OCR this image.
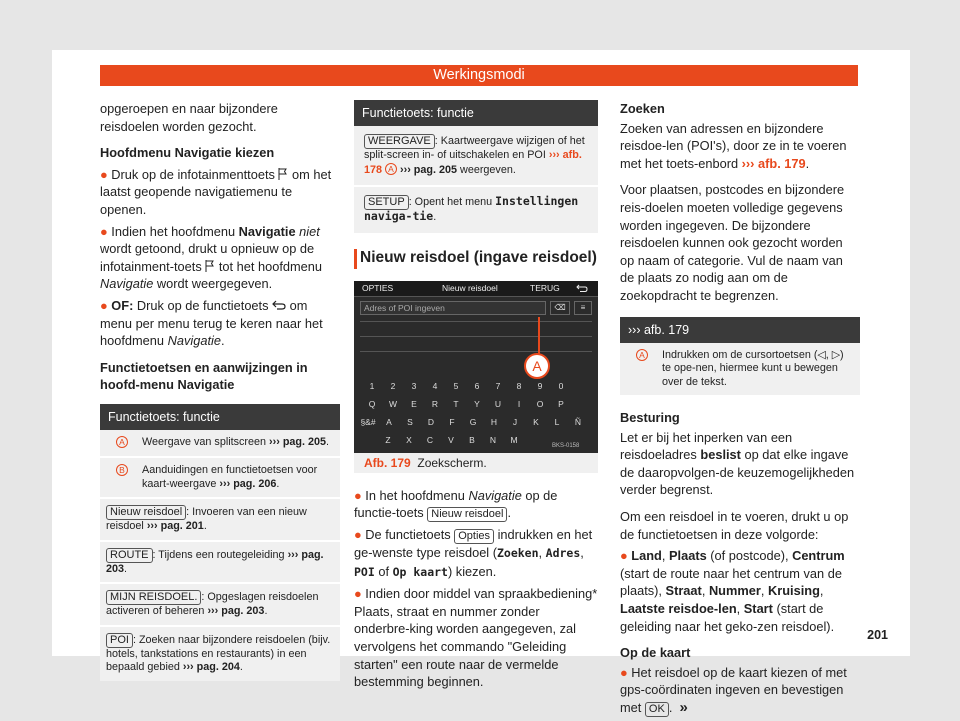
Werkingsmodi

opgeroepen en naar bijzondere reisdoelen worden gezocht.

Hoofdmenu Navigatie kiezen

● Druk op de infotainmenttoets om het laatst geopende navigatiemenu te openen.

● Indien het hoofdmenu Navigatie niet wordt getoond, drukt u opnieuw op de infotainment-toets tot het hoofdmenu Navigatie wordt weergegeven.

● OF: Druk op de functietoets om menu per menu terug te keren naar het hoofdmenu Navigatie.

Functietoetsen en aanwijzingen in hoofd-menu Navigatie

Functietoets: functie
A	Weergave van splitscreen ››› pag. 205.
B	Aanduidingen en functietoetsen voor kaart-weergave ››› pag. 206.
Nieuw reisdoel : Invoeren van een nieuw reisdoel ››› pag. 201.
ROUTE : Tijdens een routegeleiding ››› pag. 203.
MIJN REISDOEL. : Opgeslagen reisdoelen activeren of beheren ››› pag. 203.
POI : Zoeken naar bijzondere reisdoelen (bijv. hotels, tankstations en restaurants) in een bepaald gebied ››› pag. 204.
Functietoets: functie
WEERGAVE : Kaartweergave wijzigen of het split-screen in- of uitschakelen en POI ››› afb. 178 A ››› pag. 205 weergeven.
SETUP : Opent het menu Instellingen naviga-tie.

Nieuw reisdoel (ingave reisdoel)

OPTIES	Nieuw reisdoel	TERUG
Adres of POI ingeven	⌫	≡
A
1	2	3	4	5	6	7	8	9	0
Q	W	E	R	T	Y	U	I	O	P
§&#	A	S	D	F	G	H	J	K	L	Ñ
Z	X	C	V	B	N	M
BKS-0158
Afb. 179 Zoekscherm.

● In het hoofdmenu Navigatie op de functie-toets Nieuw reisdoel .

● De functietoets Opties indrukken en het ge-wenste type reisdoel (Zoeken, Adres, POI of Op kaart) kiezen.

● Indien door middel van spraakbediening* Plaats, straat en nummer zonder onderbre-king worden aangegeven, zal vervolgens het commando "Geleiding starten" een route naar de vermelde bestemming beginnen.

Zoeken

Zoeken van adressen en bijzondere reisdoe-len (POI's), door ze in te voeren met het toets-enbord ››› afb. 179.

Voor plaatsen, postcodes en bijzondere reis-doelen moeten volledige gegevens worden ingegeven. De bijzondere reisdoelen kunnen ook gezocht worden op naam of categorie. Vul de naam van de plaats zo nodig aan om de zoekopdracht te begrenzen.

››› afb. 179
A	Indrukken om de cursortoetsen (◁, ▷) te ope-nen, hiermee kunt u bewegen over de tekst.

Besturing

Let er bij het inperken van een reisdoeladres beslist op dat elke ingave de daaropvolgen-de keuzemogelijkheden verder begrenst.

Om een reisdoel in te voeren, drukt u op de functietoetsen in deze volgorde:

● Land, Plaats (of postcode), Centrum (start de route naar het centrum van de plaats), Straat, Nummer, Kruising, Laatste reisdoe-len, Start (start de geleiding naar het geko-zen reisdoel).

Op de kaart

● Het reisdoel op de kaart kiezen of met gps-coördinaten ingeven en bevestigen met OK . »

201
